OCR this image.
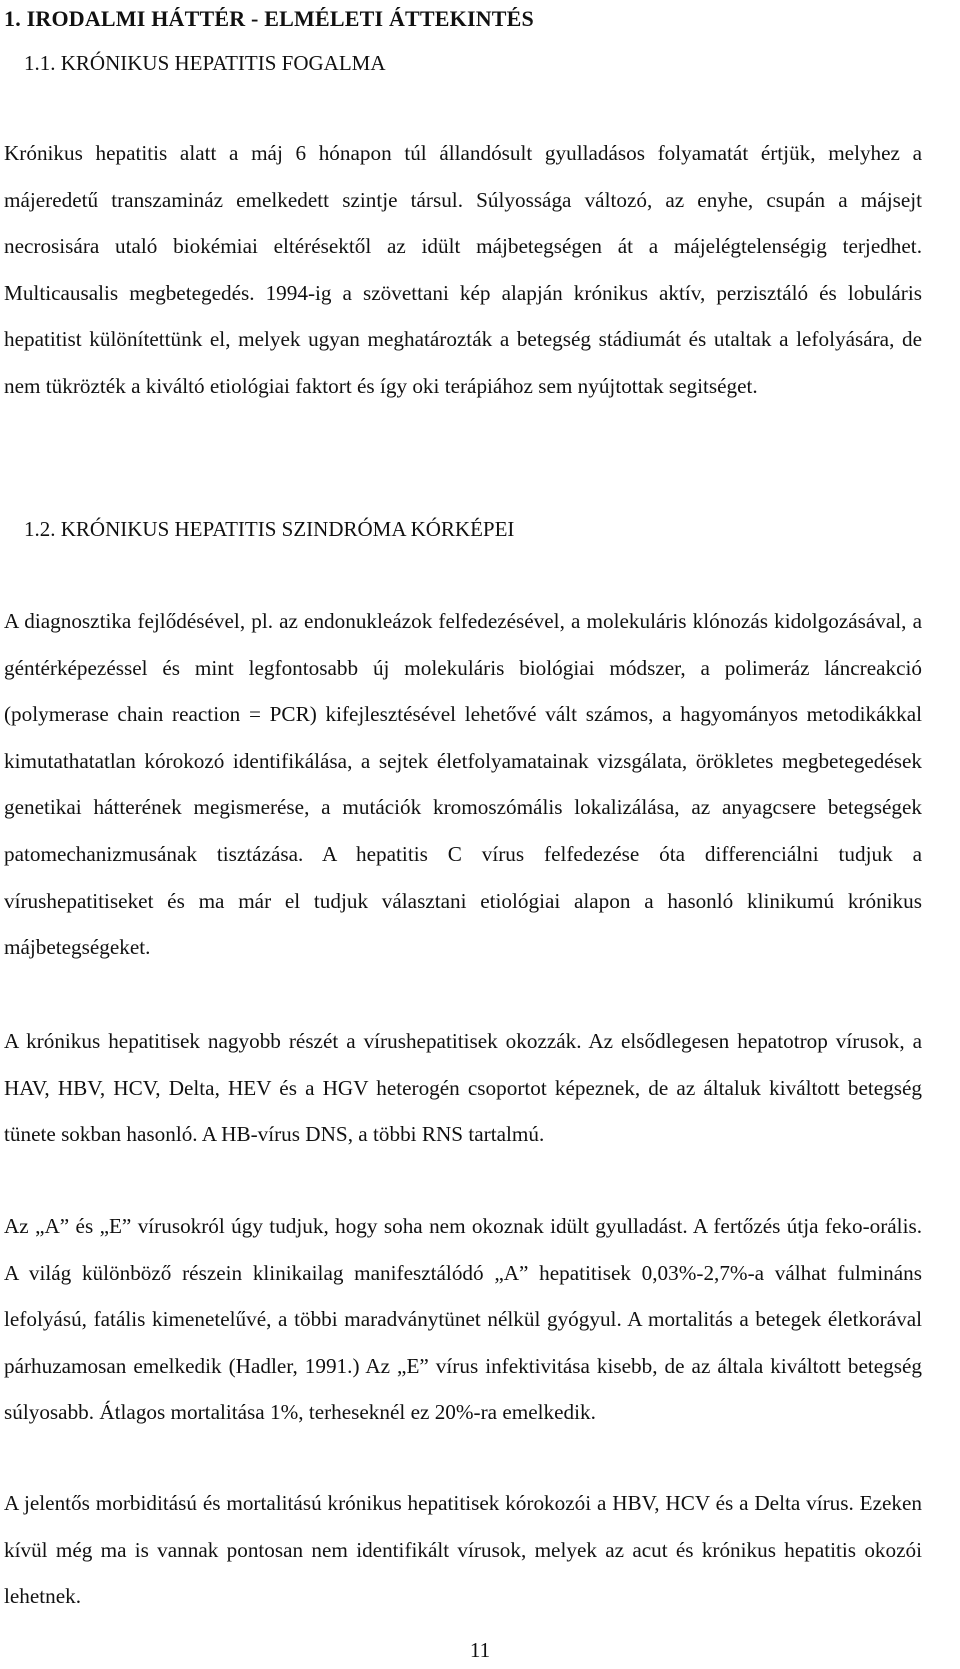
1. IRODALMI HÁTTÉR - ELMÉLETI ÁTTEKINTÉS
1.1. KRÓNIKUS HEPATITIS FOGALMA

Krónikus hepatitis alatt a máj 6 hónapon túl állandósult gyulladásos folyamatát értjük, melyhez a májeredetű transzamináz emelkedett szintje társul. Súlyossága változó, az enyhe, csupán a májsejt necrosisára utaló biokémiai eltérésektől az idült májbetegségen át a májelégtelenségig terjedhet. Multicausalis megbetegedés. 1994-ig a szövettani kép alapján krónikus aktív, perzisztáló és lobuláris hepatitist különítettünk el, melyek ugyan meghatározták a betegség stádiumát és utaltak a lefolyására, de nem tükrözték a kiváltó etiológiai faktort és így oki terápiához sem nyújtottak segitséget.

1.2. KRÓNIKUS HEPATITIS SZINDRÓMA KÓRKÉPEI

A diagnosztika fejlődésével, pl. az endonukleázok felfedezésével, a molekuláris klónozás kidolgozásával, a géntérképezéssel és mint legfontosabb új molekuláris biológiai módszer, a polimeráz láncreakció (polymerase chain reaction = PCR) kifejlesztésével lehetővé vált számos, a hagyományos metodikákkal kimutathatatlan kórokozó identifikálása, a sejtek életfolyamatainak vizsgálata, örökletes megbetegedések genetikai hátterének megismerése, a mutációk kromoszómális lokalizálása, az anyagcsere betegségek patomechanizmusának tisztázása. A hepatitis C vírus felfedezése óta differenciálni tudjuk a vírushepatitiseket és ma már el tudjuk választani etiológiai alapon a hasonló klinikumú krónikus májbetegségeket.

A krónikus hepatitisek nagyobb részét a vírushepatitisek okozzák. Az elsődlegesen hepatotrop vírusok, a HAV, HBV, HCV, Delta, HEV és a HGV heterogén csoportot képeznek, de az általuk kiváltott betegség tünete sokban hasonló. A HB-vírus DNS, a többi RNS tartalmú.

Az „A” és „E” vírusokról úgy tudjuk, hogy soha nem okoznak idült gyulladást. A fertőzés útja feko-orális. A világ különböző részein klinikailag manifesztálódó „A” hepatitisek 0,03%-2,7%-a válhat fulmináns lefolyású, fatális kimenetelűvé, a többi maradványtünet nélkül gyógyul. A mortalitás a betegek életkorával párhuzamosan emelkedik (Hadler, 1991.) Az „E” vírus infektivitása kisebb, de az általa kiváltott betegség súlyosabb. Átlagos mortalitása 1%, terheseknél ez 20%-ra emelkedik.

A jelentős morbiditású és mortalitású krónikus hepatitisek kórokozói a HBV, HCV és a Delta vírus. Ezeken kívül még ma is vannak pontosan nem identifikált vírusok, melyek az acut és krónikus hepatitis okozói lehetnek.

11
